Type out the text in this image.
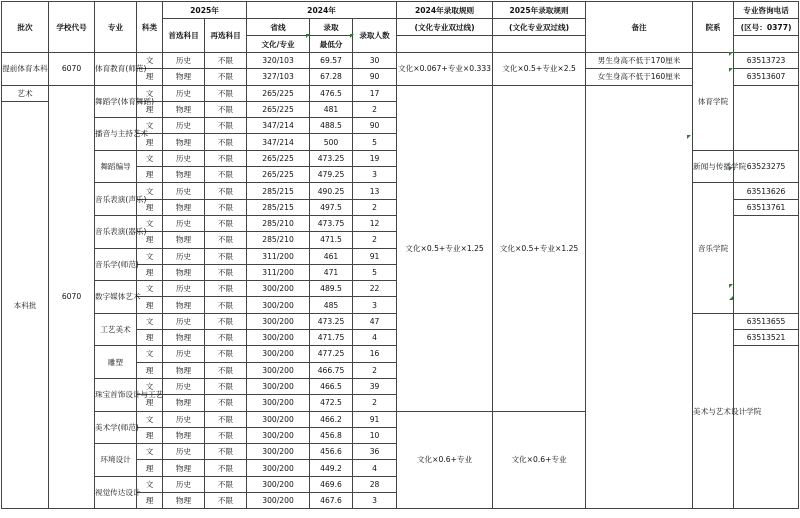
批次	学校代号	专业	科类	2025年		2024年			2024年录取规则	2025年录取规则	备注	院系	专业咨询电话
				首选科目	再选科目	省线	录取	录取人数	(文化专业双过线)	(文化专业双过线)			(区号：0377)
						文化/专业	最低分						
提前体育本科	6070	体育教育(师范)	文	历史	不限	320/103	69.57	30	文化×0.067+专业×0.333	文化×0.5+专业×2.5	男生身高不低于170厘米	体育学院	63513723
			理	物理	不限	327/103	67.28	90			女生身高不低于160厘米		63513607
艺术	6070	舞蹈学(体育舞蹈)	文	历史	不限	265/225	476.5	17	文化×0.5+专业×1.25	文化×0.5+专业×1.25			
本科批			理	物理	不限	265/225	481	2					
		播音与主持艺术	文	历史	不限	347/214	488.5	90					
			理	物理	不限	347/214	500	5					
		舞蹈编导	文	历史	不限	265/225	473.25	19				新闻与传播学院	63523275
			理	物理	不限	265/225	479.25	3					
		音乐表演(声乐)	文	历史	不限	285/215	490.25	13				音乐学院	63513626
			理	物理	不限	285/215	497.5	2					63513761
		音乐表演(器乐)	文	历史	不限	285/210	473.75	12					
			理	物理	不限	285/210	471.5	2					
		音乐学(师范)	文	历史	不限	311/200	461	91					
			理	物理	不限	311/200	471	5					
		数字媒体艺术	文	历史	不限	300/200	489.5	22					
			理	物理	不限	300/200	485	3					
		工艺美术	文	历史	不限	300/200	473.25	47				美术与艺术设计学院	63513655
			理	物理	不限	300/200	471.75	4					63513521
		雕塑	文	历史	不限	300/200	477.25	16					
			理	物理	不限	300/200	466.75	2					
		珠宝首饰设计与工艺	文	历史	不限	300/200	466.5	39					
			理	物理	不限	300/200	472.5	2					
		美术学(师范)	文	历史	不限	300/200	466.2	91	文化×0.6+专业	文化×0.6+专业			
			理	物理	不限	300/200	456.8	10					
		环境设计	文	历史	不限	300/200	456.6	36					
			理	物理	不限	300/200	449.2	4					
		视觉传达设计	文	历史	不限	300/200	469.6	28					
			理	物理	不限	300/200	467.6	3					
